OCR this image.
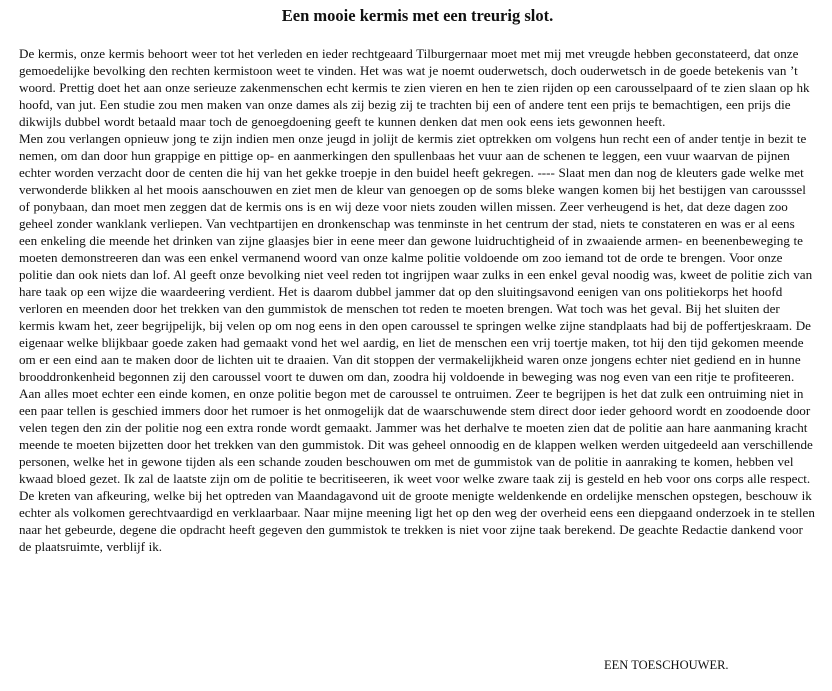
Een mooie kermis met een treurig slot.

De kermis, onze kermis behoort weer tot het verleden en ieder rechtgeaard Tilburgernaar moet met mij met vreugde hebben geconstateerd, dat onze gemoedelijke bevolking den rechten kermistoon weet te vinden. Het was wat je noemt ouderwetsch, doch ouderwetsch in de goede betekenis van ’t woord. Prettig doet het aan onze serieuze zakenmenschen echt kermis te zien vieren en hen te zien rijden op een carousselpaard of te zien slaan op hk hoofd, van jut. Een studie zou men maken van onze dames als zij bezig zij te trachten bij een of andere tent een prijs te bemachtigen, een prijs die dikwijls dubbel wordt betaald maar toch de genoegdoening geeft te kunnen denken dat men ook eens iets gewonnen heeft.

Men zou verlangen opnieuw jong te zijn indien men onze jeugd in jolijt de kermis ziet optrekken om volgens hun recht een of ander tentje in bezit te nemen, om dan door hun grappige en pittige op- en aanmerkingen den spullenbaas het vuur aan de schenen te leggen, een vuur waarvan de pijnen echter worden verzacht door de centen die hij van het gekke troepje in den buidel heeft gekregen. ---- Slaat men dan nog de kleuters gade welke met verwonderde blikken al het moois aanschouwen en ziet men de kleur van genoegen op de soms bleke wangen komen bij het bestijgen van carousssel of ponybaan, dan moet men zeggen dat de kermis ons is en wij deze voor niets zouden willen missen. Zeer verheugend is het, dat deze dagen zoo geheel zonder wanklank verliepen. Van vechtpartijen en dronkenschap was tenminste in het centrum der stad, niets te constateren en was er al eens een enkeling die meende het drinken van zijne glaasjes bier in eene meer dan gewone luidruchtigheid of in zwaaiende armen- en beenenbeweging te moeten demonstreeren dan was een enkel vermanend woord van onze kalme politie voldoende om zoo iemand tot de orde te brengen. Voor onze politie dan ook niets dan lof. Al geeft onze bevolking niet veel reden tot ingrijpen waar zulks in een enkel geval noodig was, kweet de politie zich van hare taak op een wijze die waardeering verdient. Het is daarom dubbel jammer dat op den sluitingsavond eenigen van ons politiekorps het hoofd verloren en meenden door het trekken van den gummistok de menschen tot reden te moeten brengen. Wat toch was het geval. Bij het sluiten der kermis kwam het, zeer begrijpelijk, bij velen op om nog eens in den open caroussel te springen welke zijne standplaats had bij de poffertjeskraam. De eigenaar welke blijkbaar goede zaken had gemaakt vond het wel aardig, en liet de menschen een vrij toertje maken, tot hij den tijd gekomen meende om er een eind aan te maken door de lichten uit te draaien. Van dit stoppen der vermakelijkheid waren onze jongens echter niet gediend en in hunne brooddronkenheid begonnen zij den caroussel voort te duwen om dan, zoodra hij voldoende in beweging was nog even van een ritje te profiteeren. Aan alles moet echter een einde komen, en onze politie begon met de caroussel te ontruimen. Zeer te begrijpen is het dat zulk een ontruiming niet in een paar tellen is geschied immers door het rumoer is het onmogelijk dat de waarschuwende stem direct door ieder gehoord wordt en zoodoende door velen tegen den zin der politie nog een extra ronde wordt gemaakt. Jammer was het derhalve te moeten zien dat de politie aan hare aanmaning kracht meende te moeten bijzetten door het trekken van den gummistok. Dit was geheel onnoodig en de klappen welken werden uitgedeeld aan verschillende personen, welke het in gewone tijden als een schande zouden beschouwen om met de gummistok van de politie in aanraking te komen, hebben vel kwaad bloed gezet. Ik zal de laatste zijn om de politie te becritiseeren, ik weet voor welke zware taak zij is gesteld en heb voor ons corps alle respect. De kreten van afkeuring, welke bij het optreden van Maandagavond uit de groote menigte weldenkende en ordelijke menschen opstegen, beschouw ik echter als volkomen gerechtvaardigd en verklaarbaar. Naar mijne meening ligt het op den weg der overheid eens een diepgaand onderzoek in te stellen naar het gebeurde, degene die opdracht heeft gegeven den gummistok te trekken is niet voor zijne taak berekend. De geachte Redactie dankend voor de plaatsruimte, verblijf ik.

EEN TOESCHOUWER.
